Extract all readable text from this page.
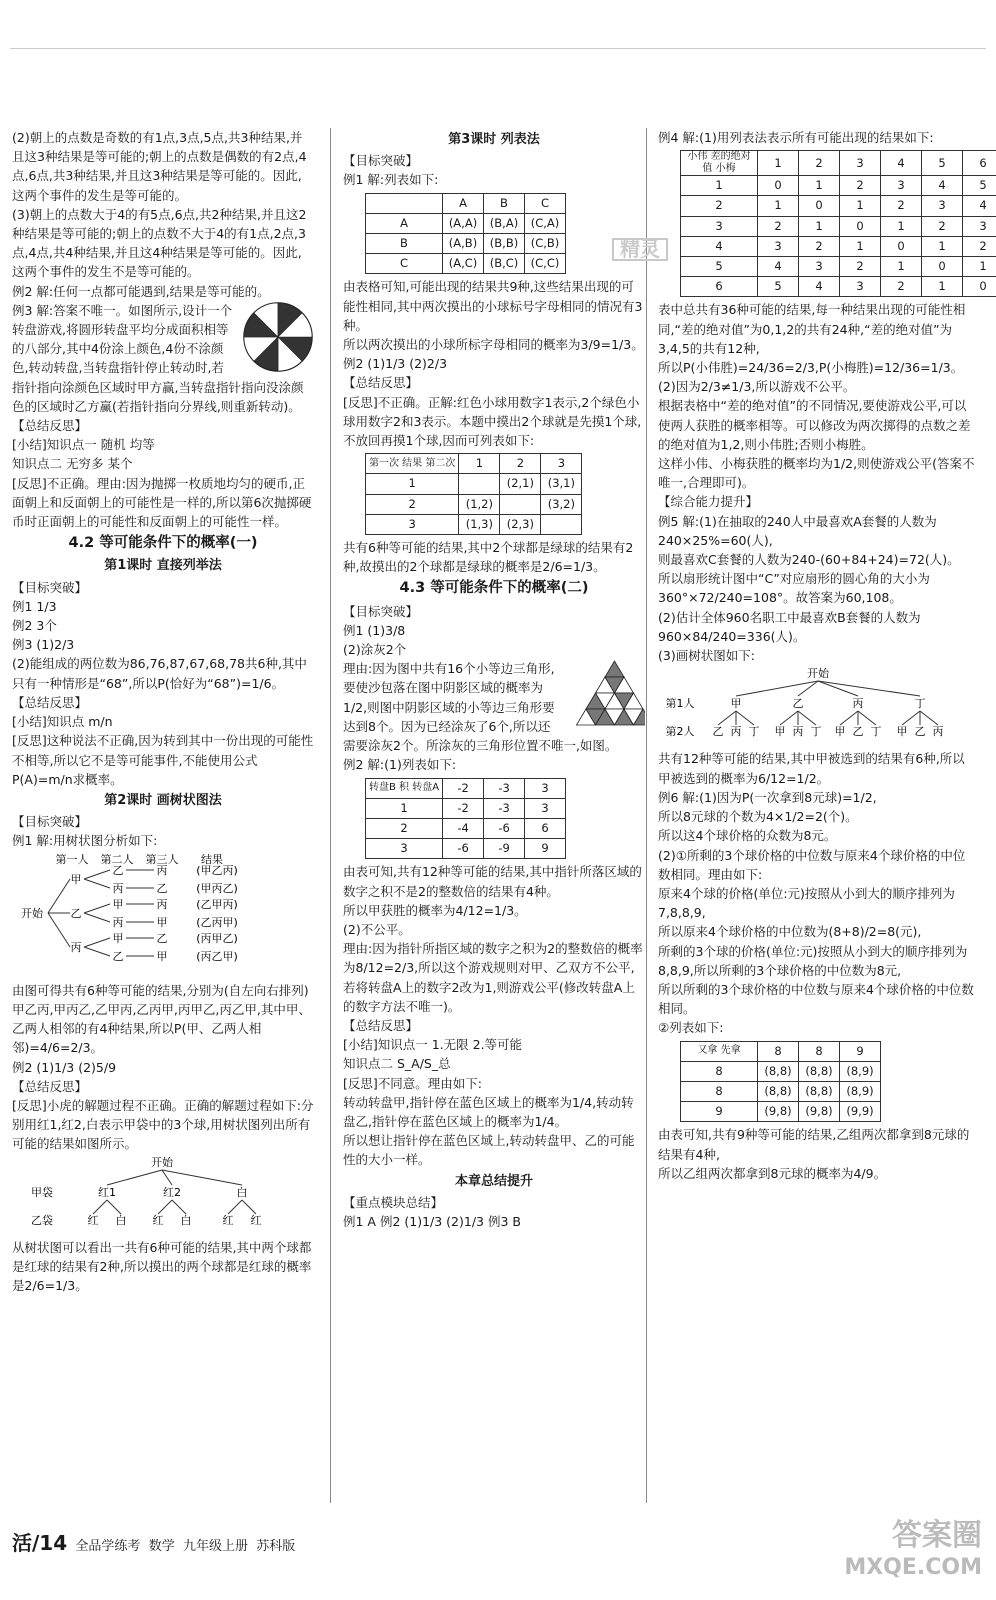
(2)朝上的点数是奇数的有1点,3点,5点,共3种结果,并且这3种结果是等可能的;朝上的点数是偶数的有2点,4点,6点,共3种结果,并且这3种结果是等可能的。因此,这两个事件的发生是等可能的。

(3)朝上的点数大于4的有5点,6点,共2种结果,并且这2种结果是等可能的;朝上的点数不大于4的有1点,2点,3点,4点,共4种结果,并且这4种结果是等可能的。因此,这两个事件的发生不是等可能的。

例2 解:任何一点都可能遇到,结果是等可能的。

例3 解:答案不唯一。如图所示,设计一个转盘游戏,将圆形转盘平均分成面积相等的八部分,其中4份涂上颜色,4份不涂颜色,转动转盘,当转盘指针停止转动时,若指针指向涂颜色区域时甲方赢,当转盘指针指向没涂颜色的区域时乙方赢(若指针指向分界线,则重新转动)。

【总结反思】

[小结]知识点一 随机 均等

知识点二 无穷多 某个

[反思]不正确。理由:因为抛掷一枚质地均匀的硬币,正面朝上和反面朝上的可能性是一样的,所以第6次抛掷硬币时正面朝上的可能性和反面朝上的可能性一样。

4.2 等可能条件下的概率(一)
第1课时 直接列举法

【目标突破】

例1 1/3

例2 3个

例3 (1)2/3

(2)能组成的两位数为86,76,87,67,68,78共6种,其中只有一种情形是“68”,所以P(恰好为“68”)=1/6。

【总结反思】

[小结]知识点 m/n

[反思]这种说法不正确,因为转到其中一份出现的可能性不相等,所以它不是等可能事件,不能使用公式P(A)=m/n求概率。

第2课时 画树状图法

【目标突破】

例1 解:用树状图分析如下:

第一人 第二人 第三人 结果
开始
甲
乙	丙	(甲乙丙)
丙	乙	(甲丙乙)
乙
甲	丙	(乙甲丙)
丙	甲	(乙丙甲)
丙
甲	乙	(丙甲乙)
乙	甲	(丙乙甲)

由图可得共有6种等可能的结果,分别为(自左向右排列)甲乙丙,甲丙乙,乙甲丙,乙丙甲,丙甲乙,丙乙甲,其中甲、乙两人相邻的有4种结果,所以P(甲、乙两人相邻)=4/6=2/3。

例2 (1)1/3 (2)5/9

【总结反思】

[反思]小虎的解题过程不正确。正确的解题过程如下:分别用红1,红2,白表示甲袋中的3个球,用树状图列出所有可能的结果如图所示。

开始
甲袋
乙袋
红1	红2	白
红 白 红 白	红 红

从树状图可以看出一共有6种可能的结果,其中两个球都是红球的结果有2种,所以摸出的两个球都是红球的概率是2/6=1/3。

第3课时 列表法

【目标突破】

例1 解:列表如下:

	A	B	C
A	(A,A)	(B,A)	(C,A)
B	(A,B)	(B,B)	(C,B)
C	(A,C)	(B,C)	(C,C)

由表格可知,可能出现的结果共9种,这些结果出现的可能性相同,其中两次摸出的小球标号字母相同的情况有3种。

所以两次摸出的小球所标字母相同的概率为3/9=1/3。

例2 (1)1/3 (2)2/3

【总结反思】

[反思]不正确。正解:红色小球用数字1表示,2个绿色小球用数字2和3表示。本题中摸出2个球就是先摸1个球,不放回再摸1个球,因而可列表如下:

第一次 结果 第二次	1	2	3
1		(2,1)	(3,1)
2	(1,2)		(3,2)
3	(1,3)	(2,3)	

共有6种等可能的结果,其中2个球都是绿球的结果有2种,故摸出的2个球都是绿球的概率是2/6=1/3。

4.3 等可能条件下的概率(二)

【目标突破】

例1 (1)3/8

(2)涂灰2个

理由:因为图中共有16个小等边三角形,要使沙包落在图中阴影区域的概率为1/2,则图中阴影区域的小等边三角形要达到8个。因为已经涂灰了6个,所以还需要涂灰2个。所涂灰的三角形位置不唯一,如图。

例2 解:(1)列表如下:

转盘B 积 转盘A	-2	-3	3
1	-2	-3	3
2	-4	-6	6
3	-6	-9	9

由表可知,共有12种等可能的结果,其中指针所落区域的数字之积不是2的整数倍的结果有4种。

所以甲获胜的概率为4/12=1/3。

(2)不公平。

理由:因为指针所指区域的数字之积为2的整数倍的概率为8/12=2/3,所以这个游戏规则对甲、乙双方不公平,若将转盘A上的数字2改为1,则游戏公平(修改转盘A上的数字方法不唯一)。

【总结反思】

[小结]知识点一 1.无限 2.等可能

知识点二 S_A/S_总

[反思]不同意。理由如下:

转动转盘甲,指针停在蓝色区域上的概率为1/4,转动转盘乙,指针停在蓝色区域上的概率为1/4。

所以想让指针停在蓝色区域上,转动转盘甲、乙的可能性的大小一样。

本章总结提升

【重点模块总结】

例1 A 例2 (1)1/3 (2)1/3 例3 B

例4 解:(1)用列表法表示所有可能出现的结果如下:

小伟 差的绝对值 小梅	1	2	3	4	5	6
1	0	1	2	3	4	5
2	1	0	1	2	3	4
3	2	1	0	1	2	3
4	3	2	1	0	1	2
5	4	3	2	1	0	1
6	5	4	3	2	1	0

表中总共有36种可能的结果,每一种结果出现的可能性相同,“差的绝对值”为0,1,2的共有24种,“差的绝对值”为3,4,5的共有12种,

所以P(小伟胜)=24/36=2/3,P(小梅胜)=12/36=1/3。

(2)因为2/3≠1/3,所以游戏不公平。

根据表格中“差的绝对值”的不同情况,要使游戏公平,可以使两人获胜的概率相等。可以修改为两次掷得的点数之差的绝对值为1,2,则小伟胜;否则小梅胜。

这样小伟、小梅获胜的概率均为1/2,则使游戏公平(答案不唯一,合理即可)。

【综合能力提升】

例5 解:(1)在抽取的240人中最喜欢A套餐的人数为240×25%=60(人),

则最喜欢C套餐的人数为240-(60+84+24)=72(人)。

所以扇形统计图中“C”对应扇形的圆心角的大小为360°×72/240=108°。故答案为60,108。

(2)估计全体960名职工中最喜欢B套餐的人数为960×84/240=336(人)。

(3)画树状图如下:

开始
第1人
第2人
甲
乙 丙 丁
乙
甲 丙 丁
丙
甲 乙 丁
丁
甲 乙 丙

共有12种等可能的结果,其中甲被选到的结果有6种,所以甲被选到的概率为6/12=1/2。

例6 解:(1)因为P(一次拿到8元球)=1/2,

所以8元球的个数为4×1/2=2(个)。

所以这4个球价格的众数为8元。

(2)①所剩的3个球价格的中位数与原来4个球价格的中位数相同。理由如下:

原来4个球的价格(单位:元)按照从小到大的顺序排列为7,8,8,9,

所以原来4个球价格的中位数为(8+8)/2=8(元),

所剩的3个球的价格(单位:元)按照从小到大的顺序排列为8,8,9,所以所剩的3个球价格的中位数为8元,

所以所剩的3个球价格的中位数与原来4个球价格的中位数相同。

②列表如下:

又拿 先拿	8	8	9
8	(8,8)	(8,8)	(8,9)
8	(8,8)	(8,8)	(8,9)
9	(9,8)	(9,8)	(9,9)

由表可知,共有9种等可能的结果,乙组两次都拿到8元球的结果有4种,

所以乙组两次都拿到8元球的概率为4/9。

精灵
活/14 全品学练考 数学 九年级上册 苏科版	答案圈
MXQE.COM
